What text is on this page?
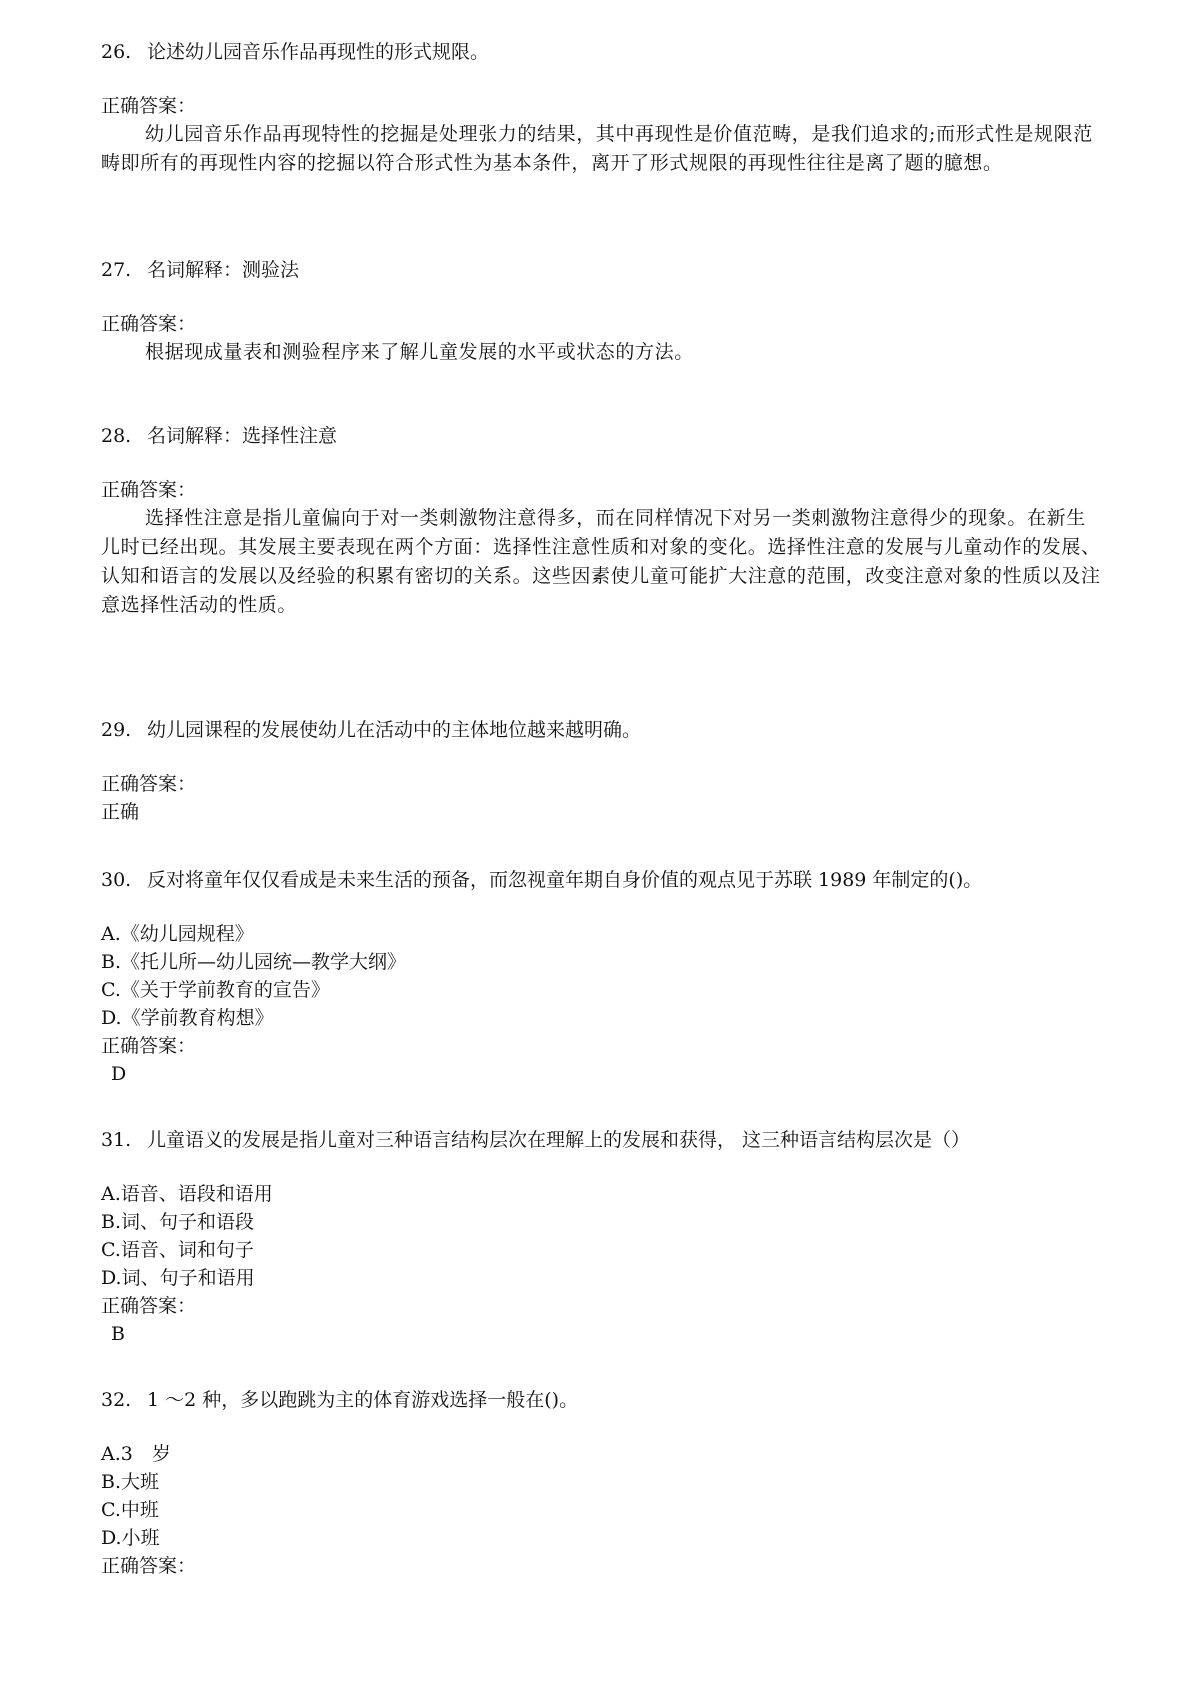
26. 论述幼儿园音乐作品再现性的形式规限。
正确答案：
幼儿园音乐作品再现特性的挖掘是处理张力的结果，其中再现性是价值范畴，是我们追求的;而形式性是规限范畴即所有的再现性内容的挖掘以符合形式性为基本条件，离开了形式规限的再现性往往是离了题的臆想。
27. 名词解释：测验法
正确答案：
根据现成量表和测验程序来了解儿童发展的水平或状态的方法。
28. 名词解释：选择性注意
正确答案：
选择性注意是指儿童偏向于对一类刺激物注意得多，而在同样情况下对另一类刺激物注意得少的现象。在新生儿时已经出现。其发展主要表现在两个方面：选择性注意性质和对象的变化。选择性注意的发展与儿童动作的发展、认知和语言的发展以及经验的积累有密切的关系。这些因素使儿童可能扩大注意的范围，改变注意对象的性质以及注意选择性活动的性质。
29. 幼儿园课程的发展使幼儿在活动中的主体地位越来越明确。
正确答案：
正确
30. 反对将童年仅仅看成是未来生活的预备，而忽视童年期自身价值的观点见于苏联 1989 年制定的()。
A.《幼儿园规程》
B.《托儿所—幼儿园统—教学大纲》
C.《关于学前教育的宣告》
D.《学前教育构想》
正确答案：
D
31. 儿童语义的发展是指儿童对三种语言结构层次在理解上的发展和获得， 这三种语言结构层次是（）
A.语音、语段和语用
B.词、句子和语段
C.语音、词和句子
D.词、句子和语用
正确答案：
B
32. 1 ～2 种，多以跑跳为主的体育游戏选择一般在()。
A.3　岁
B.大班
C.中班
D.小班
正确答案：
